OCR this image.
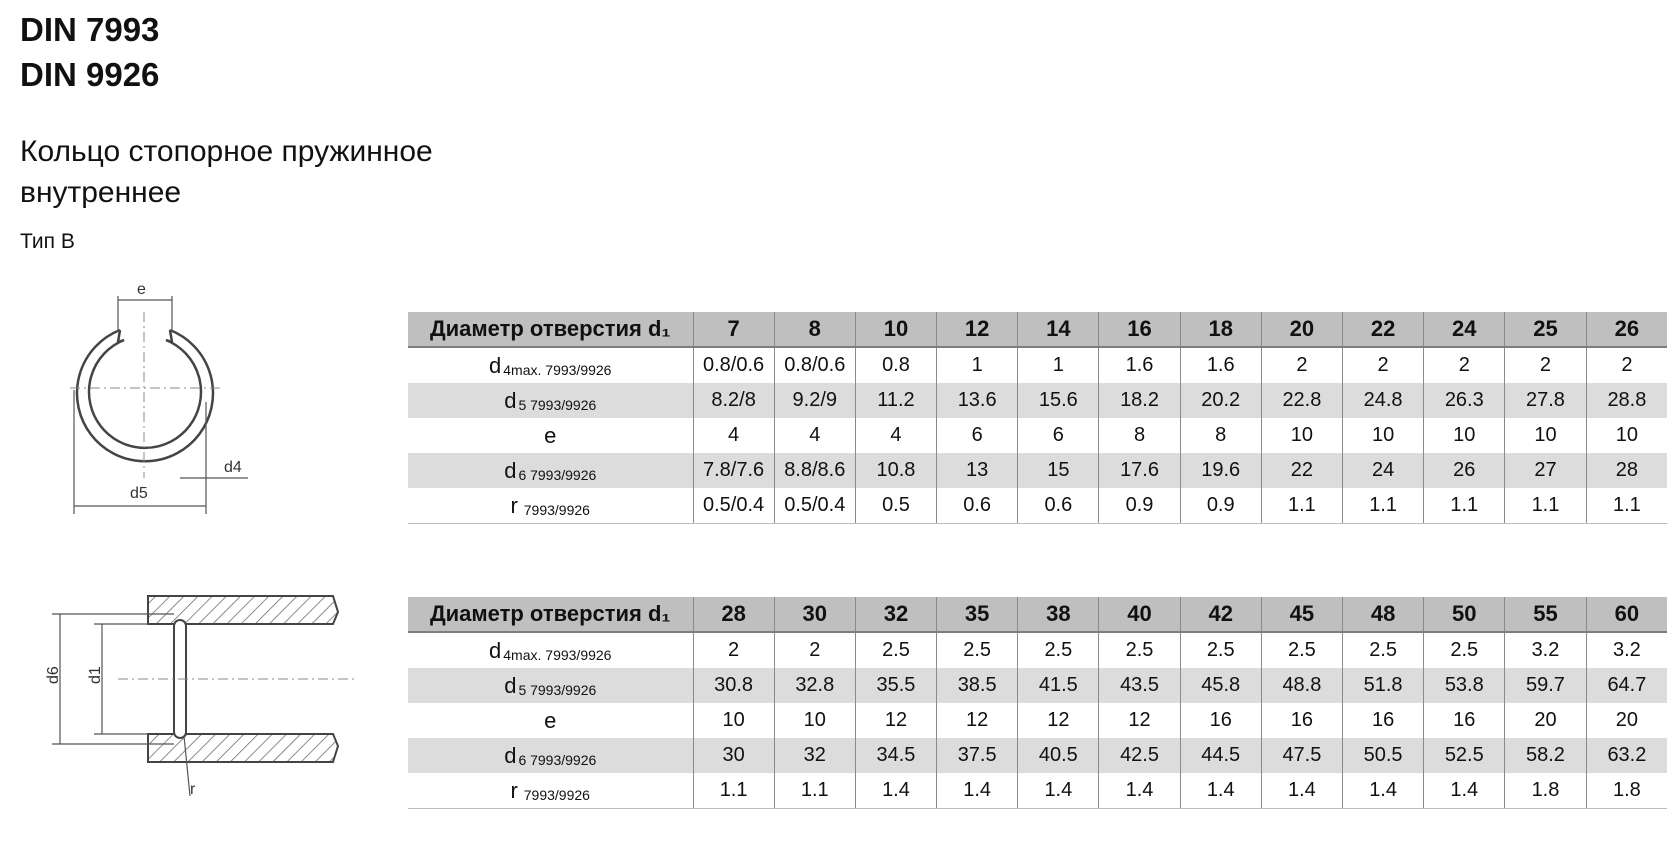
DIN 7993
DIN 9926
Кольцо стопорное пружинное внутреннее
Тип B
e
d4
d5
d6 d1
r
Диаметр отверстия d₁	7	8	10	12	14	16	18	20	22	24	25	26
d 4max. 7993/9926	0.8/0.6	0.8/0.6	0.8	1	1	1.6	1.6	2	2	2	2	2
d 5 7993/9926	8.2/8	9.2/9	11.2	13.6	15.6	18.2	20.2	22.8	24.8	26.3	27.8	28.8
e	4	4	4	6	6	8	8	10	10	10	10	10
d 6 7993/9926	7.8/7.6	8.8/8.6	10.8	13	15	17.6	19.6	22	24	26	27	28
r 7993/9926	0.5/0.4	0.5/0.4	0.5	0.6	0.6	0.9	0.9	1.1	1.1	1.1	1.1	1.1
Диаметр отверстия d₁	28	30	32	35	38	40	42	45	48	50	55	60
d 4max. 7993/9926	2	2	2.5	2.5	2.5	2.5	2.5	2.5	2.5	2.5	3.2	3.2
d 5 7993/9926	30.8	32.8	35.5	38.5	41.5	43.5	45.8	48.8	51.8	53.8	59.7	64.7
e	10	10	12	12	12	12	16	16	16	16	20	20
d 6 7993/9926	30	32	34.5	37.5	40.5	42.5	44.5	47.5	50.5	52.5	58.2	63.2
r 7993/9926	1.1	1.1	1.4	1.4	1.4	1.4	1.4	1.4	1.4	1.4	1.8	1.8
